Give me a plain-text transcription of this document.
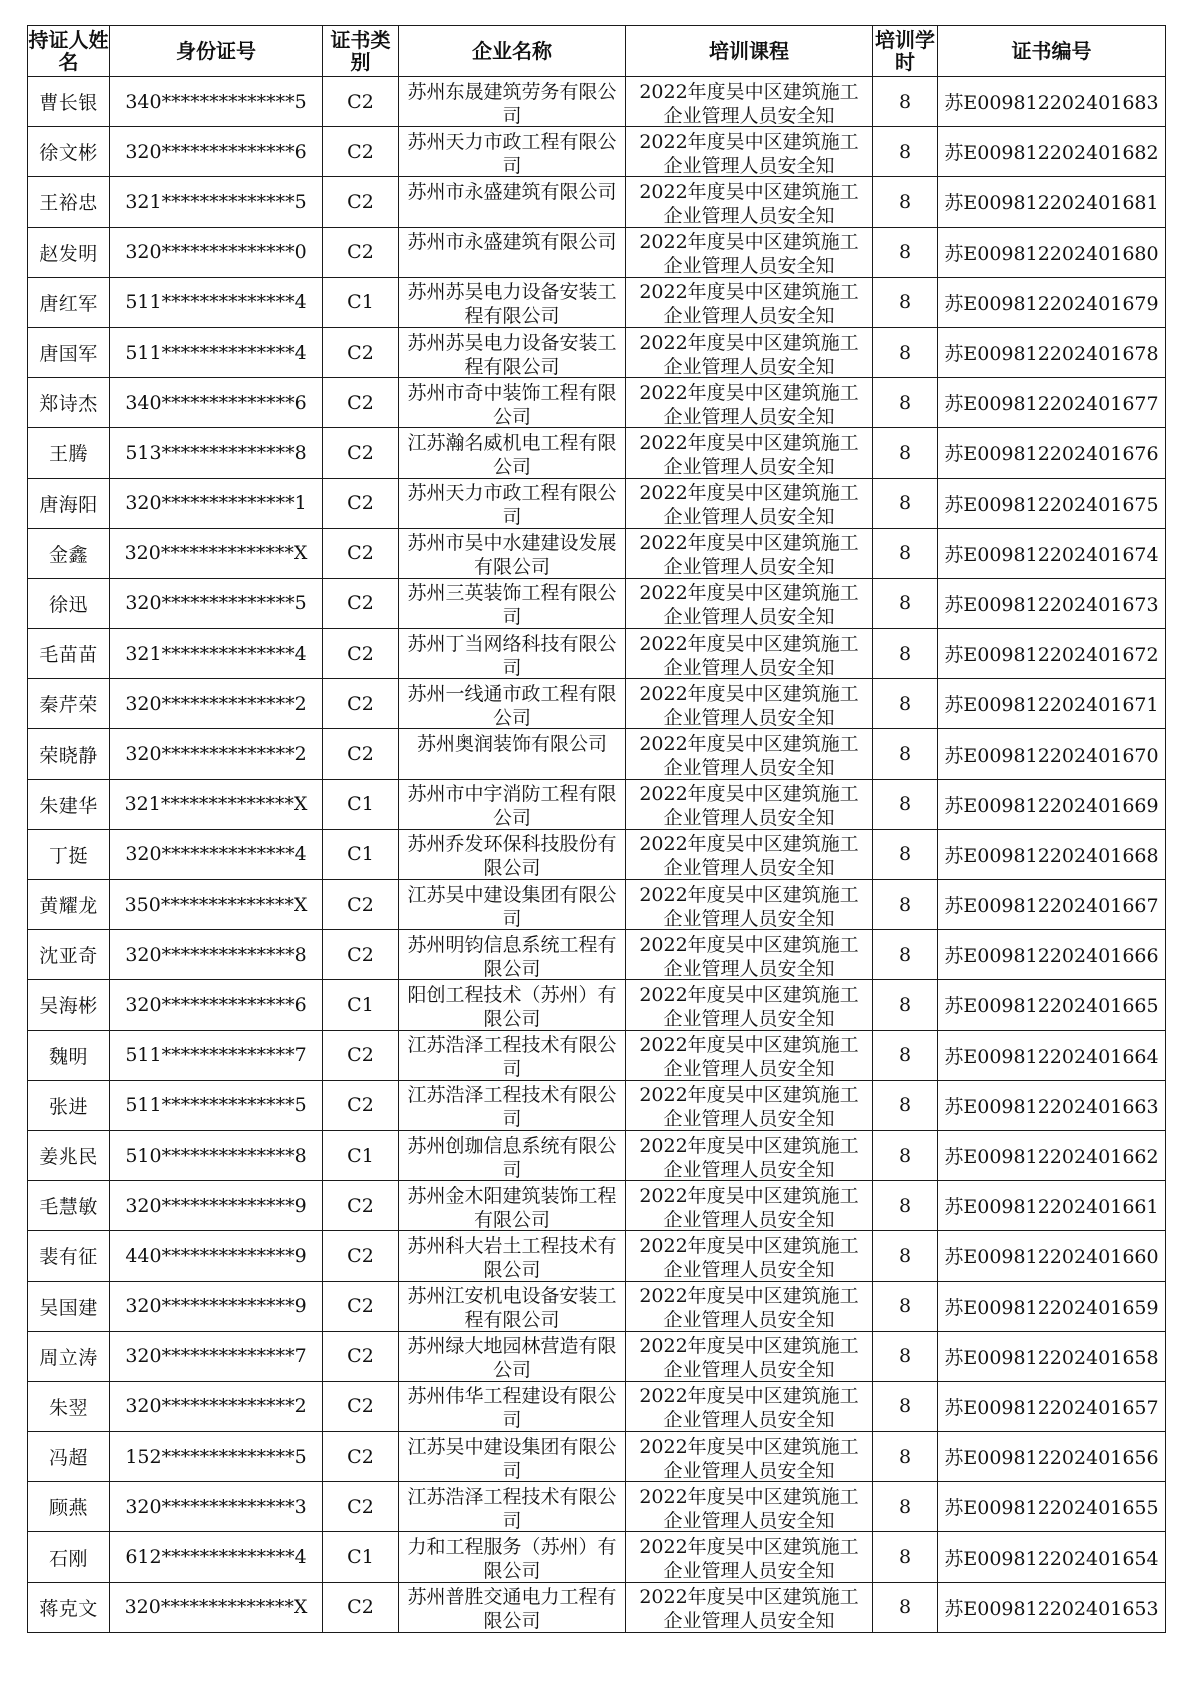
持证人姓名	身份证号	证书类别	企业名称	培训课程	培训学时	证书编号
曹长银	340**************5	C2	苏州东晟建筑劳务有限公司	2022年度吴中区建筑施工企业管理人员安全知	8	苏E009812202401683
徐文彬	320**************6	C2	苏州天力市政工程有限公司	2022年度吴中区建筑施工企业管理人员安全知	8	苏E009812202401682
王裕忠	321**************5	C2	苏州市永盛建筑有限公司	2022年度吴中区建筑施工企业管理人员安全知	8	苏E009812202401681
赵发明	320**************0	C2	苏州市永盛建筑有限公司	2022年度吴中区建筑施工企业管理人员安全知	8	苏E009812202401680
唐红军	511**************4	C1	苏州苏吴电力设备安装工程有限公司	2022年度吴中区建筑施工企业管理人员安全知	8	苏E009812202401679
唐国军	511**************4	C2	苏州苏吴电力设备安装工程有限公司	2022年度吴中区建筑施工企业管理人员安全知	8	苏E009812202401678
郑诗杰	340**************6	C2	苏州市奇中装饰工程有限公司	2022年度吴中区建筑施工企业管理人员安全知	8	苏E009812202401677
王腾	513**************8	C2	江苏瀚名威机电工程有限公司	2022年度吴中区建筑施工企业管理人员安全知	8	苏E009812202401676
唐海阳	320**************1	C2	苏州天力市政工程有限公司	2022年度吴中区建筑施工企业管理人员安全知	8	苏E009812202401675
金鑫	320**************X	C2	苏州市吴中水建建设发展有限公司	2022年度吴中区建筑施工企业管理人员安全知	8	苏E009812202401674
徐迅	320**************5	C2	苏州三英装饰工程有限公司	2022年度吴中区建筑施工企业管理人员安全知	8	苏E009812202401673
毛苗苗	321**************4	C2	苏州丁当网络科技有限公司	2022年度吴中区建筑施工企业管理人员安全知	8	苏E009812202401672
秦芹荣	320**************2	C2	苏州一线通市政工程有限公司	2022年度吴中区建筑施工企业管理人员安全知	8	苏E009812202401671
荣晓静	320**************2	C2	苏州奥润装饰有限公司	2022年度吴中区建筑施工企业管理人员安全知	8	苏E009812202401670
朱建华	321**************X	C1	苏州市中宇消防工程有限公司	2022年度吴中区建筑施工企业管理人员安全知	8	苏E009812202401669
丁挺	320**************4	C1	苏州乔发环保科技股份有限公司	2022年度吴中区建筑施工企业管理人员安全知	8	苏E009812202401668
黄耀龙	350**************X	C2	江苏吴中建设集团有限公司	2022年度吴中区建筑施工企业管理人员安全知	8	苏E009812202401667
沈亚奇	320**************8	C2	苏州明钧信息系统工程有限公司	2022年度吴中区建筑施工企业管理人员安全知	8	苏E009812202401666
吴海彬	320**************6	C1	阳创工程技术（苏州）有限公司	2022年度吴中区建筑施工企业管理人员安全知	8	苏E009812202401665
魏明	511**************7	C2	江苏浩泽工程技术有限公司	2022年度吴中区建筑施工企业管理人员安全知	8	苏E009812202401664
张进	511**************5	C2	江苏浩泽工程技术有限公司	2022年度吴中区建筑施工企业管理人员安全知	8	苏E009812202401663
姜兆民	510**************8	C1	苏州创珈信息系统有限公司	2022年度吴中区建筑施工企业管理人员安全知	8	苏E009812202401662
毛慧敏	320**************9	C2	苏州金木阳建筑装饰工程有限公司	2022年度吴中区建筑施工企业管理人员安全知	8	苏E009812202401661
裴有征	440**************9	C2	苏州科大岩土工程技术有限公司	2022年度吴中区建筑施工企业管理人员安全知	8	苏E009812202401660
吴国建	320**************9	C2	苏州江安机电设备安装工程有限公司	2022年度吴中区建筑施工企业管理人员安全知	8	苏E009812202401659
周立涛	320**************7	C2	苏州绿大地园林营造有限公司	2022年度吴中区建筑施工企业管理人员安全知	8	苏E009812202401658
朱翌	320**************2	C2	苏州伟华工程建设有限公司	2022年度吴中区建筑施工企业管理人员安全知	8	苏E009812202401657
冯超	152**************5	C2	江苏吴中建设集团有限公司	2022年度吴中区建筑施工企业管理人员安全知	8	苏E009812202401656
顾燕	320**************3	C2	江苏浩泽工程技术有限公司	2022年度吴中区建筑施工企业管理人员安全知	8	苏E009812202401655
石刚	612**************4	C1	力和工程服务（苏州）有限公司	2022年度吴中区建筑施工企业管理人员安全知	8	苏E009812202401654
蒋克文	320**************X	C2	苏州普胜交通电力工程有限公司	2022年度吴中区建筑施工企业管理人员安全知	8	苏E009812202401653
